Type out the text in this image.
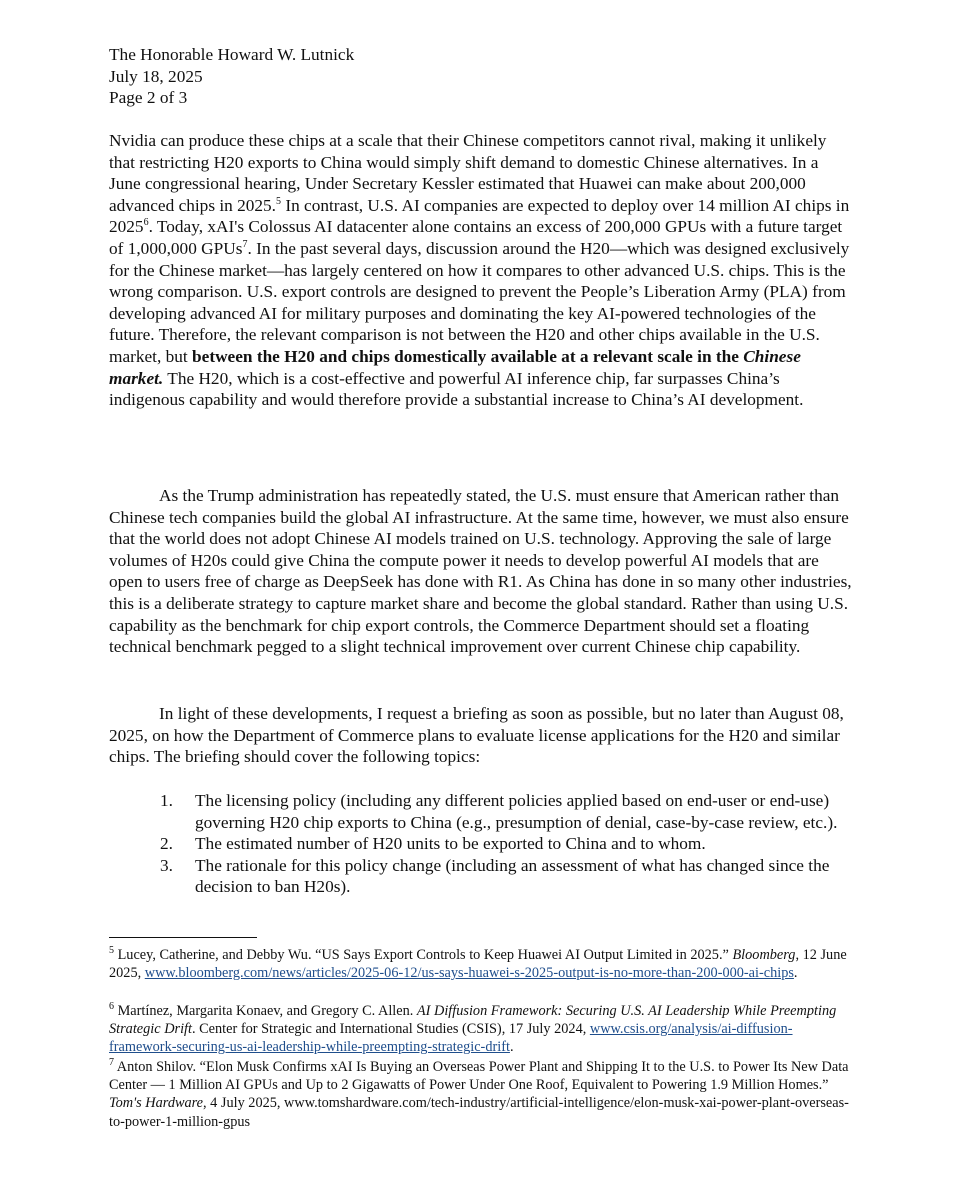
The Honorable Howard W. Lutnick
July 18, 2025
Page 2 of 3

Nvidia can produce these chips at a scale that their Chinese competitors cannot rival, making it unlikely that restricting H20 exports to China would simply shift demand to domestic Chinese alternatives. In a June congressional hearing, Under Secretary Kessler estimated that Huawei can make about 200,000 advanced chips in 2025.$^5$ In contrast, U.S. AI companies are expected to deploy over 14 million AI chips in 2025$^6$. Today, xAI's Colossus AI datacenter alone contains an excess of 200,000 GPUs with a future target of 1,000,000 GPUs$^7$. In the past several days, discussion around the H20—which was designed exclusively for the Chinese market—has largely centered on how it compares to other advanced U.S. chips. This is the wrong comparison. U.S. export controls are designed to prevent the People’s Liberation Army (PLA) from developing advanced AI for military purposes and dominating the key AI-powered technologies of the future. Therefore, the relevant comparison is not between the H20 and other chips available in the U.S. market, but between the H20 and chips domestically available at a relevant scale in the Chinese market. The H20, which is a cost-effective and powerful AI inference chip, far surpasses China’s indigenous capability and would therefore provide a substantial increase to China’s AI development.

As the Trump administration has repeatedly stated, the U.S. must ensure that American rather than Chinese tech companies build the global AI infrastructure. At the same time, however, we must also ensure that the world does not adopt Chinese AI models trained on U.S. technology. Approving the sale of large volumes of H20s could give China the compute power it needs to develop powerful AI models that are open to users free of charge as DeepSeek has done with R1. As China has done in so many other industries, this is a deliberate strategy to capture market share and become the global standard. Rather than using U.S. capability as the benchmark for chip export controls, the Commerce Department should set a floating technical benchmark pegged to a slight technical improvement over current Chinese chip capability.

In light of these developments, I request a briefing as soon as possible, but no later than August 08, 2025, on how the Department of Commerce plans to evaluate license applications for the H20 and similar chips. The briefing should cover the following topics:

1. The licensing policy (including any different policies applied based on end-user or end-use) governing H20 chip exports to China (e.g., presumption of denial, case-by-case review, etc.).
2. The estimated number of H20 units to be exported to China and to whom.
3. The rationale for this policy change (including an assessment of what has changed since the decision to ban H20s).

$^5$ Lucey, Catherine, and Debby Wu. “US Says Export Controls to Keep Huawei AI Output Limited in 2025.” Bloomberg, 12 June 2025, www.bloomberg.com/news/articles/2025-06-12/us-says-huawei-s-2025-output-is-no-more-than-200-000-ai-chips.

$^6$ Martínez, Margarita Konaev, and Gregory C. Allen. AI Diffusion Framework: Securing U.S. AI Leadership While Preempting Strategic Drift. Center for Strategic and International Studies (CSIS), 17 July 2024, www.csis.org/analysis/ai-diffusion-framework-securing-us-ai-leadership-while-preempting-strategic-drift.

$^7$ Anton Shilov. “Elon Musk Confirms xAI Is Buying an Overseas Power Plant and Shipping It to the U.S. to Power Its New Data Center — 1 Million AI GPUs and Up to 2 Gigawatts of Power Under One Roof, Equivalent to Powering 1.9 Million Homes.” Tom's Hardware, 4 July 2025, www.tomshardware.com/tech-industry/artificial-intelligence/elon-musk-xai-power-plant-overseas-to-power-1-million-gpus
